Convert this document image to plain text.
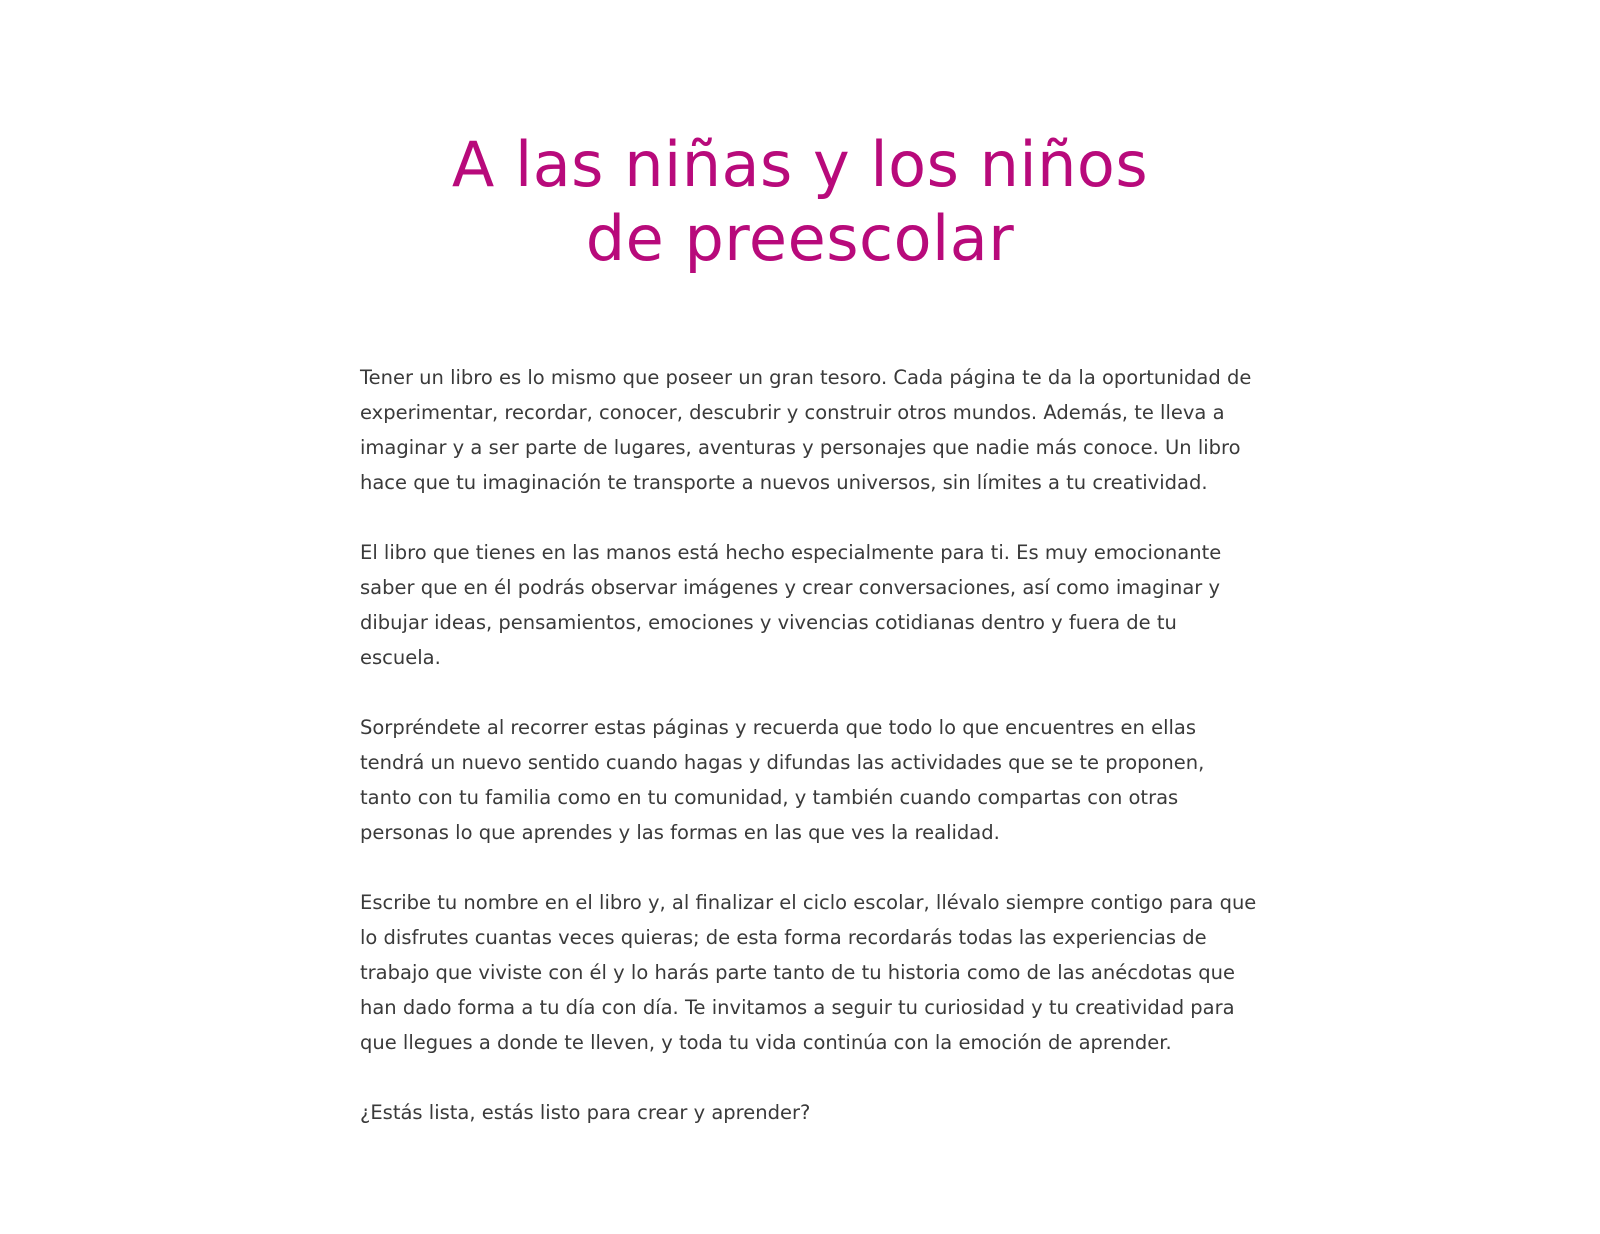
A las niñas y los niños
de preescolar

Tener un libro es lo mismo que poseer un gran tesoro. Cada página te da la oportunidad de experimentar, recordar, conocer, descubrir y construir otros mundos. Además, te lleva a imaginar y a ser parte de lugares, aventuras y personajes que nadie más conoce. Un libro hace que tu imaginación te transporte a nuevos universos, sin límites a tu creatividad.

El libro que tienes en las manos está hecho especialmente para ti. Es muy emocionante saber que en él podrás observar imágenes y crear conversaciones, así como imaginar y dibujar ideas, pensamientos, emociones y vivencias cotidianas dentro y fuera de tu escuela.

Sorpréndete al recorrer estas páginas y recuerda que todo lo que encuentres en ellas tendrá un nuevo sentido cuando hagas y difundas las actividades que se te proponen, tanto con tu familia como en tu comunidad, y también cuando compartas con otras personas lo que aprendes y las formas en las que ves la realidad.

Escribe tu nombre en el libro y, al finalizar el ciclo escolar, llévalo siempre contigo para que lo disfrutes cuantas veces quieras; de esta forma recordarás todas las experiencias de trabajo que viviste con él y lo harás parte tanto de tu historia como de las anécdotas que han dado forma a tu día con día. Te invitamos a seguir tu curiosidad y tu creatividad para que llegues a donde te lleven, y toda tu vida continúa con la emoción de aprender.

¿Estás lista, estás listo para crear y aprender?
